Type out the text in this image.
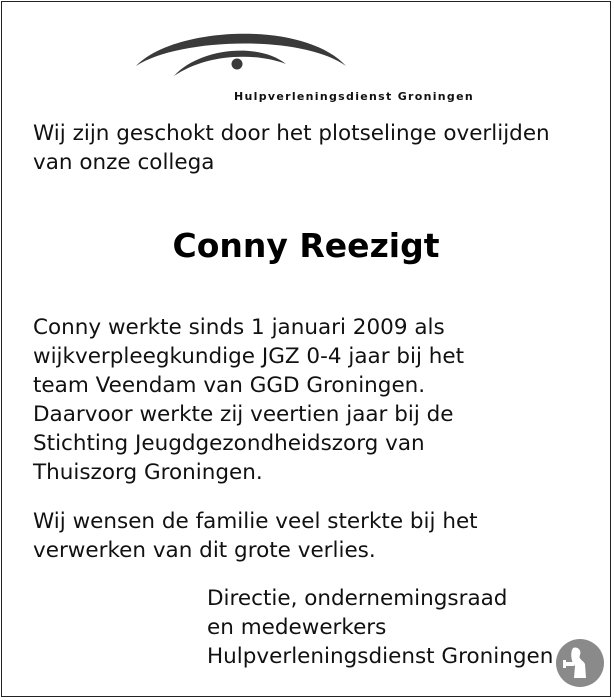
Hulpverleningsdienst Groningen
Wij zijn geschokt door het plotselinge overlijden
van onze collega
Conny Reezigt
Conny werkte sinds 1 januari 2009 als
wijkverpleegkundige JGZ 0-4 jaar bij het
team Veendam van GGD Groningen.
Daarvoor werkte zij veertien jaar bij de
Stichting Jeugdgezondheidszorg van
Thuiszorg Groningen.
Wij wensen de familie veel sterkte bij het
verwerken van dit grote verlies.
Directie, ondernemingsraad
en medewerkers
Hulpverleningsdienst Groningen
